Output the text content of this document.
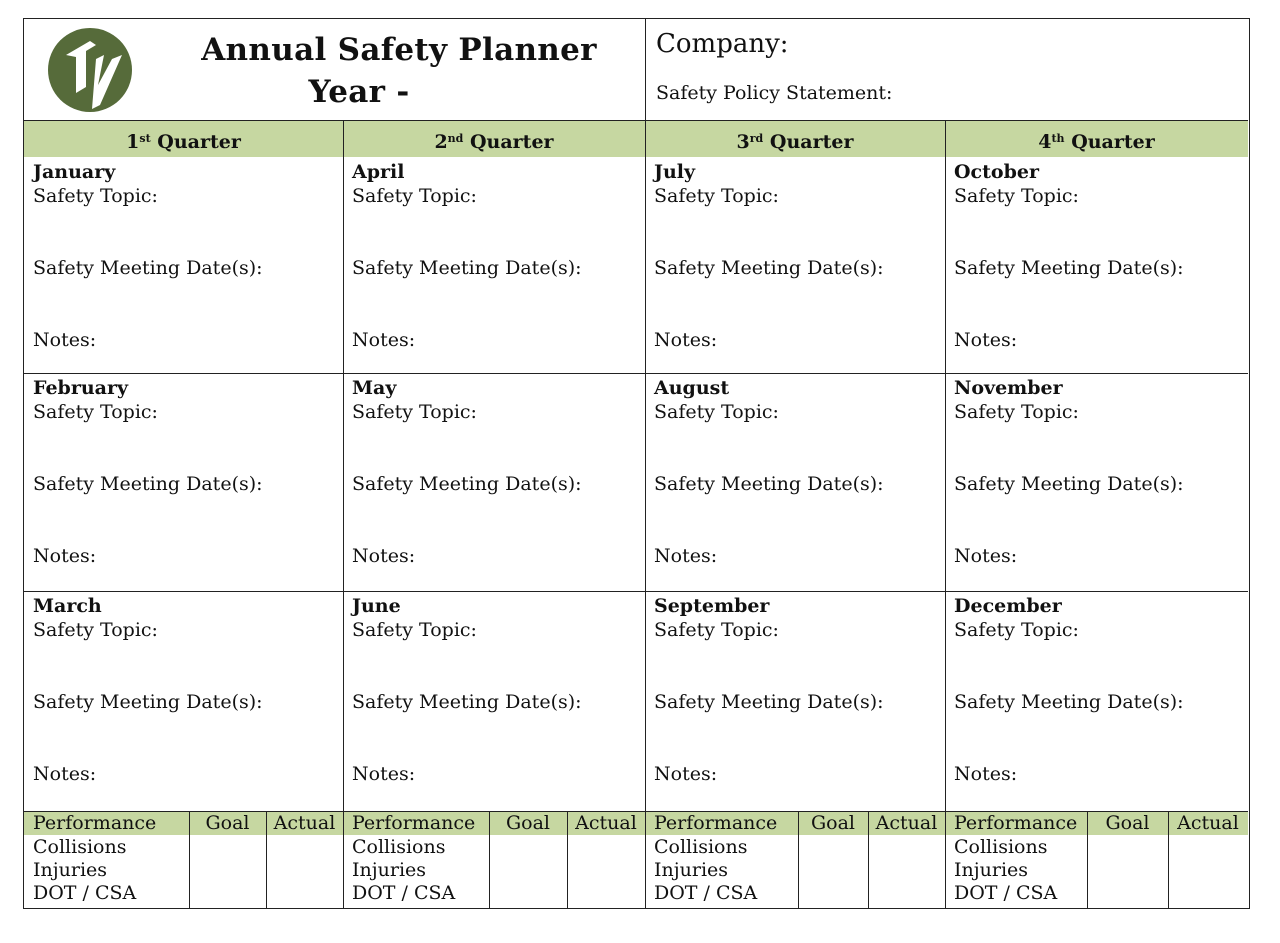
Annual Safety Planner
Year -
Company:
Safety Policy Statement:
1st Quarter
January
Safety Topic:
Safety Meeting Date(s):
Notes:
February
Safety Topic:
Safety Meeting Date(s):
Notes:
March
Safety Topic:
Safety Meeting Date(s):
Notes:
Performance	Goal	Actual
Collisions
Injuries
DOT / CSA
2nd Quarter
April
Safety Topic:
Safety Meeting Date(s):
Notes:
May
Safety Topic:
Safety Meeting Date(s):
Notes:
June
Safety Topic:
Safety Meeting Date(s):
Notes:
Performance	Goal	Actual
Collisions
Injuries
DOT / CSA
3rd Quarter
July
Safety Topic:
Safety Meeting Date(s):
Notes:
August
Safety Topic:
Safety Meeting Date(s):
Notes:
September
Safety Topic:
Safety Meeting Date(s):
Notes:
Performance	Goal	Actual
Collisions
Injuries
DOT / CSA
4th Quarter
October
Safety Topic:
Safety Meeting Date(s):
Notes:
November
Safety Topic:
Safety Meeting Date(s):
Notes:
December
Safety Topic:
Safety Meeting Date(s):
Notes:
Performance	Goal	Actual
Collisions
Injuries
DOT / CSA
